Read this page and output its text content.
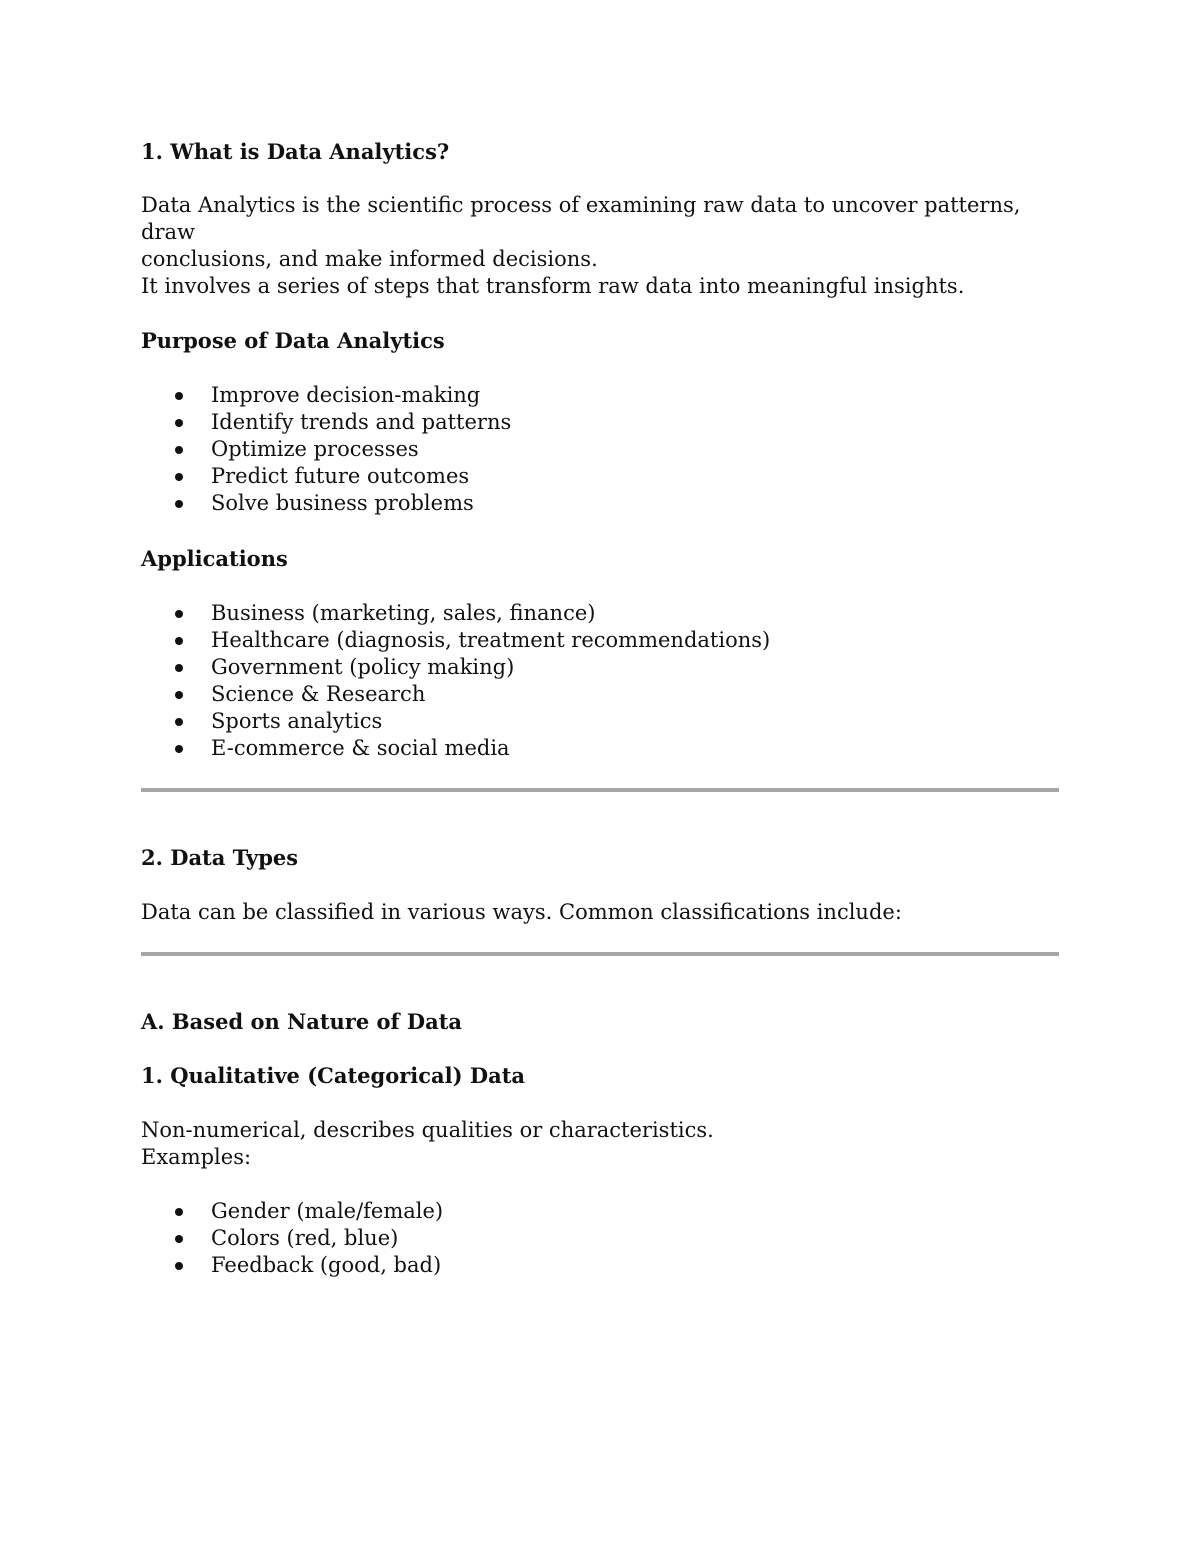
1. What is Data Analytics?

Data Analytics is the scientific process of examining raw data to uncover patterns, draw

conclusions, and make informed decisions.

It involves a series of steps that transform raw data into meaningful insights.

Purpose of Data Analytics

Improve decision-making
Identify trends and patterns
Optimize processes
Predict future outcomes
Solve business problems

Applications

Business (marketing, sales, finance)
Healthcare (diagnosis, treatment recommendations)
Government (policy making)
Science & Research
Sports analytics
E-commerce & social media

2. Data Types

Data can be classified in various ways. Common classifications include:

A. Based on Nature of Data

1. Qualitative (Categorical) Data

Non-numerical, describes qualities or characteristics.

Examples:

Gender (male/female)
Colors (red, blue)
Feedback (good, bad)
